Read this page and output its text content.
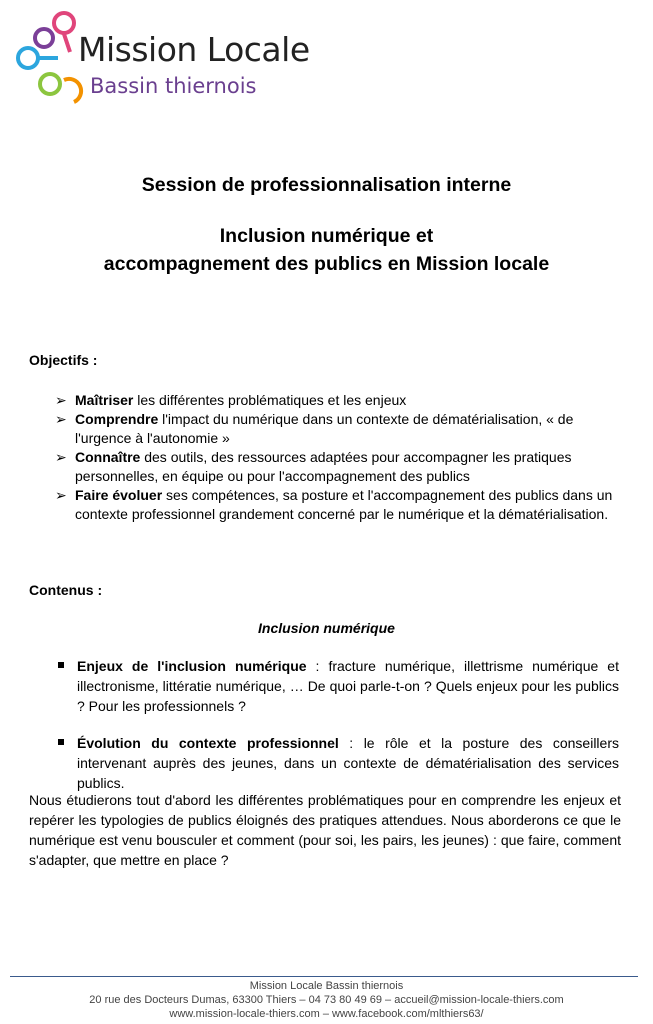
Mission Locale
Bassin thiernois
Session de professionnalisation interne
Inclusion numérique et
accompagnement des publics en Mission locale
Objectifs :
➢ Maîtriser les différentes problématiques et les enjeux
➢ Comprendre l'impact du numérique dans un contexte de dématérialisation, « de l'urgence à l'autonomie »
➢ Connaître des outils, des ressources adaptées pour accompagner les pratiques personnelles, en équipe ou pour l'accompagnement des publics
➢ Faire évoluer ses compétences, sa posture et l'accompagnement des publics dans un contexte professionnel grandement concerné par le numérique et la dématérialisation.
Contenus :
Inclusion numérique
Enjeux de l'inclusion numérique : fracture numérique, illettrisme numérique et illectronisme, littératie numérique, … De quoi parle-t-on ? Quels enjeux pour les publics ? Pour les professionnels ?
Évolution du contexte professionnel : le rôle et la posture des conseillers intervenant auprès des jeunes, dans un contexte de dématérialisation des services publics.
Nous étudierons tout d'abord les différentes problématiques pour en comprendre les enjeux et repérer les typologies de publics éloignés des pratiques attendues. Nous aborderons ce que le numérique est venu bousculer et comment (pour soi, les pairs, les jeunes) : que faire, comment s'adapter, que mettre en place ?
Mission Locale Bassin thiernois
20 rue des Docteurs Dumas, 63300 Thiers – 04 73 80 49 69 – accueil@mission-locale-thiers.com
www.mission-locale-thiers.com – www.facebook.com/mlthiers63/
